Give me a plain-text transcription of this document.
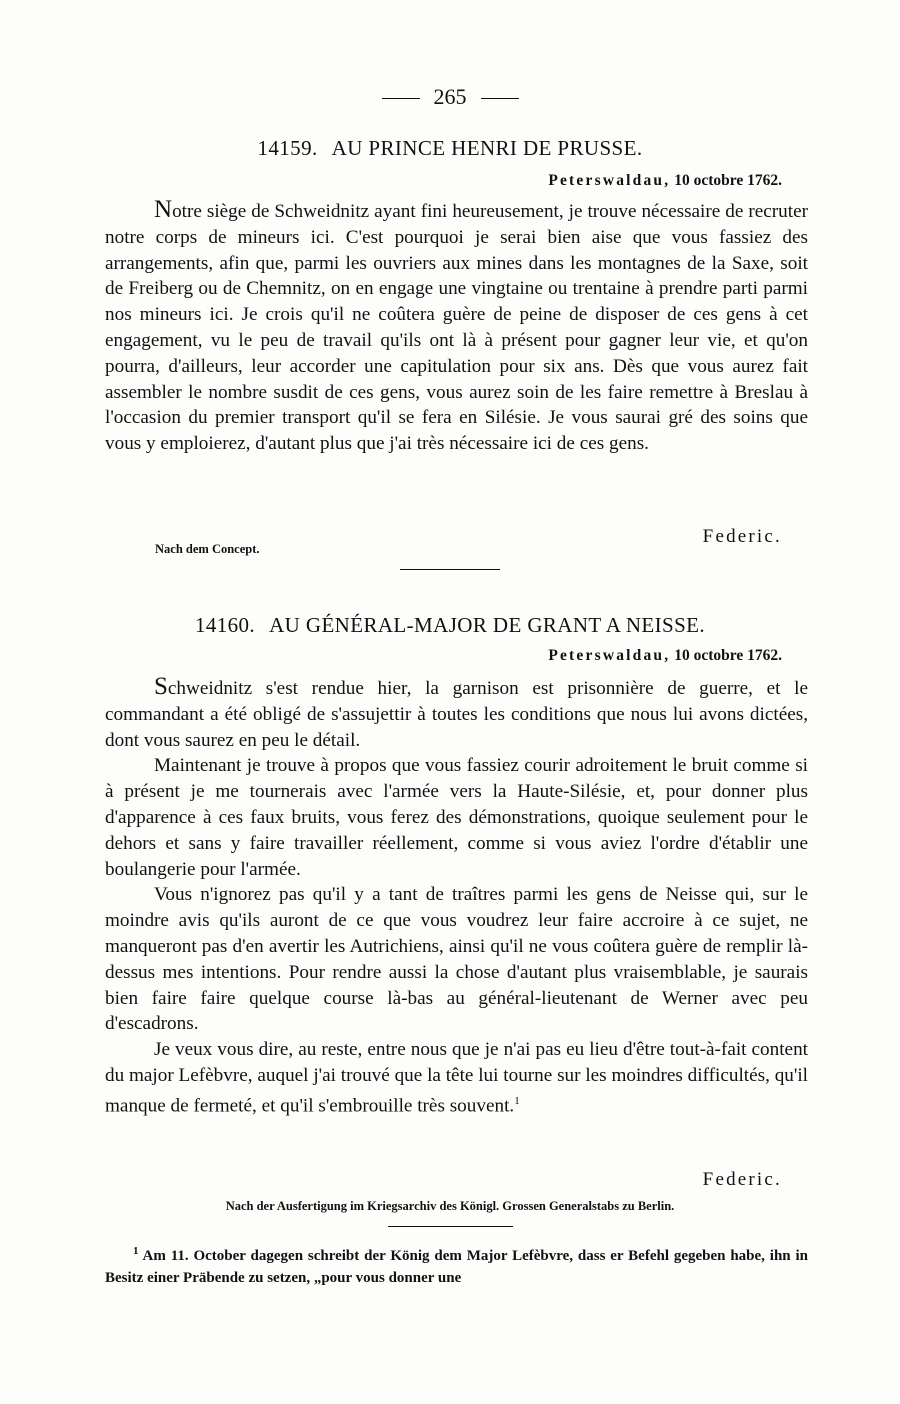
265
14159. AU PRINCE HENRI DE PRUSSE.
Peterswaldau, 10 octobre 1762.

Notre siège de Schweidnitz ayant fini heureusement, je trouve nécessaire de recruter notre corps de mineurs ici. C'est pourquoi je serai bien aise que vous fassiez des arrangements, afin que, parmi les ouvriers aux mines dans les montagnes de la Saxe, soit de Freiberg ou de Chemnitz, on en engage une vingtaine ou trentaine à prendre parti parmi nos mineurs ici. Je crois qu'il ne coûtera guère de peine de disposer de ces gens à cet engagement, vu le peu de travail qu'ils ont là à présent pour gagner leur vie, et qu'on pourra, d'ailleurs, leur accorder une capitulation pour six ans. Dès que vous aurez fait assembler le nombre susdit de ces gens, vous aurez soin de les faire remettre à Breslau à l'occasion du premier transport qu'il se fera en Silésie. Je vous saurai gré des soins que vous y emploierez, d'autant plus que j'ai très nécessaire ici de ces gens.

Federic.
Nach dem Concept.
14160. AU GÉNÉRAL-MAJOR DE GRANT A NEISSE.
Peterswaldau, 10 octobre 1762.

Schweidnitz s'est rendue hier, la garnison est prisonnière de guerre, et le commandant a été obligé de s'assujettir à toutes les conditions que nous lui avons dictées, dont vous saurez en peu le détail.

Maintenant je trouve à propos que vous fassiez courir adroitement le bruit comme si à présent je me tournerais avec l'armée vers la Haute-Silésie, et, pour donner plus d'apparence à ces faux bruits, vous ferez des démonstrations, quoique seulement pour le dehors et sans y faire travailler réellement, comme si vous aviez l'ordre d'établir une boulangerie pour l'armée.

Vous n'ignorez pas qu'il y a tant de traîtres parmi les gens de Neisse qui, sur le moindre avis qu'ils auront de ce que vous voudrez leur faire accroire à ce sujet, ne manqueront pas d'en avertir les Autrichiens, ainsi qu'il ne vous coûtera guère de remplir là-dessus mes intentions. Pour rendre aussi la chose d'autant plus vraisemblable, je saurais bien faire faire quelque course là-bas au général-lieutenant de Werner avec peu d'escadrons.

Je veux vous dire, au reste, entre nous que je n'ai pas eu lieu d'être tout-à-fait content du major Lefèbvre, auquel j'ai trouvé que la tête lui tourne sur les moindres difficultés, qu'il manque de fermeté, et qu'il s'embrouille très souvent.$^1$

Federic.
Nach der Ausfertigung im Kriegsarchiv des Königl. Grossen Generalstabs zu Berlin.

$^1$ Am 11. October dagegen schreibt der König dem Major Lefèbvre, dass er Befehl gegeben habe, ihn in Besitz einer Präbende zu setzen, „pour vous donner une
